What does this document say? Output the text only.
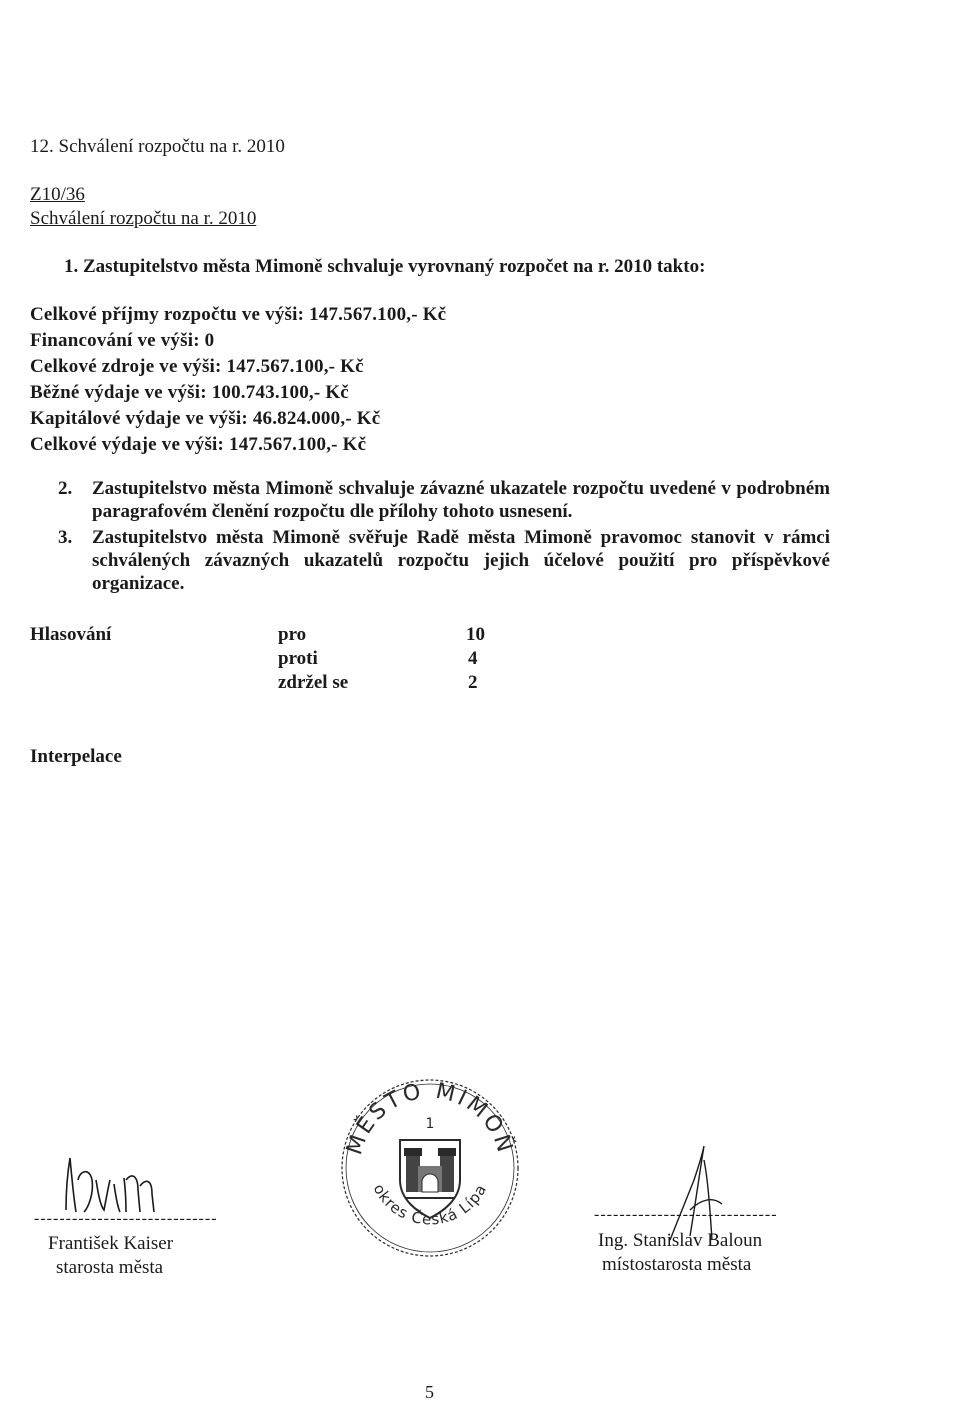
12. Schválení rozpočtu na r. 2010
Z10/36
Schválení rozpočtu na r. 2010
1. Zastupitelstvo města Mimoně schvaluje vyrovnaný rozpočet na r. 2010 takto:
Celkové příjmy rozpočtu ve výši: 147.567.100,- Kč
Financování ve výši: 0
Celkové zdroje ve výši: 147.567.100,- Kč
Běžné výdaje ve výši: 100.743.100,- Kč
Kapitálové výdaje ve výši: 46.824.000,- Kč
Celkové výdaje ve výši: 147.567.100,- Kč
2. Zastupitelstvo města Mimoně schvaluje závazné ukazatele rozpočtu uvedené v podrobném paragrafovém členění rozpočtu dle přílohy tohoto usnesení.
3. Zastupitelstvo města Mimoně svěřuje Radě města Mimoně pravomoc stanovit v rámci schválených závazných ukazatelů rozpočtu jejich účelové použití pro příspěvkové organizace.
Hlasování	pro	10
proti	4
zdržel se	2
Interpelace
-----------------------------
František Kaiser
starosta města
MĚSTO MIMOŇ
1
okres Česká Lípa
-----------------------------
Ing. Stanislav Baloun
místostarosta města
5
